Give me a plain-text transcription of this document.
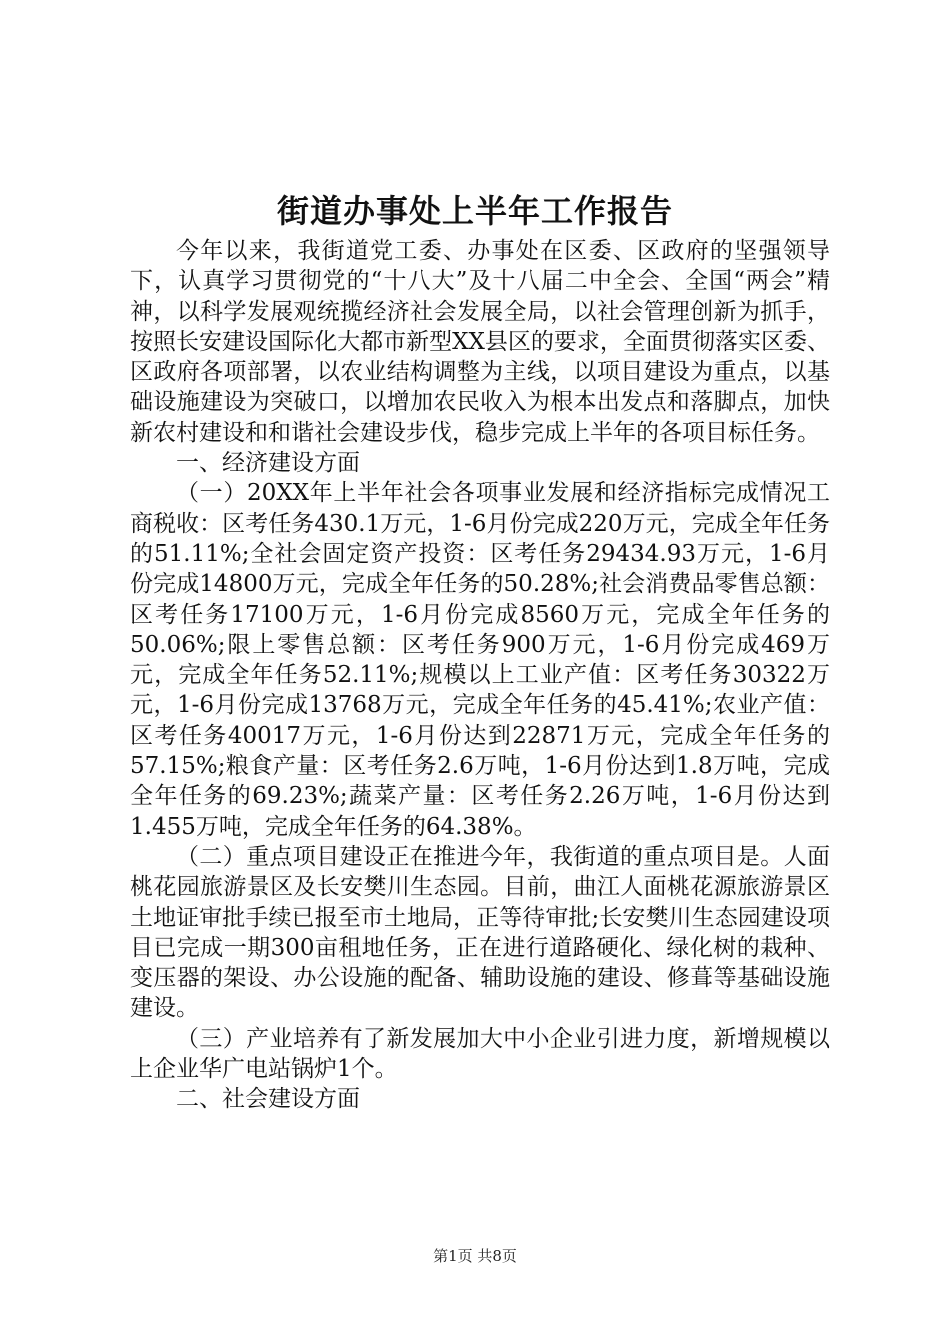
街道办事处上半年工作报告

今年以来，我街道党工委、办事处在区委、区政府的坚强领导下，认真学习贯彻党的“十八大”及十八届二中全会、全国“两会”精神，以科学发展观统揽经济社会发展全局，以社会管理创新为抓手，按照长安建设国际化大都市新型XX县区的要求，全面贯彻落实区委、区政府各项部署，以农业结构调整为主线，以项目建设为重点，以基础设施建设为突破口，以增加农民收入为根本出发点和落脚点，加快新农村建设和和谐社会建设步伐，稳步完成上半年的各项目标任务。

一、经济建设方面

（一）20XX年上半年社会各项事业发展和经济指标完成情况工商税收：区考任务430.1万元，1-6月份完成220万元，完成全年任务的51.11%;全社会固定资产投资：区考任务29434.93万元，1-6月份完成14800万元，完成全年任务的50.28%;社会消费品零售总额：区考任务17100万元，1-6月份完成8560万元，完成全年任务的50.06%;限上零售总额：区考任务900万元，1-6月份完成469万元，完成全年任务52.11%;规模以上工业产值：区考任务30322万元，1-6月份完成13768万元，完成全年任务的45.41%;农业产值：区考任务40017万元，1-6月份达到22871万元，完成全年任务的57.15%;粮食产量：区考任务2.6万吨，1-6月份达到1.8万吨，完成全年任务的69.23%;蔬菜产量：区考任务2.26万吨，1-6月份达到1.455万吨，完成全年任务的64.38%。

（二）重点项目建设正在推进今年，我街道的重点项目是。人面桃花园旅游景区及长安樊川生态园。目前，曲江人面桃花源旅游景区土地证审批手续已报至市土地局，正等待审批;长安樊川生态园建设项目已完成一期300亩租地任务，正在进行道路硬化、绿化树的栽种、变压器的架设、办公设施的配备、辅助设施的建设、修葺等基础设施建设。

（三）产业培养有了新发展加大中小企业引进力度，新增规模以上企业华广电站锅炉1个。

二、社会建设方面

第1页 共8页
